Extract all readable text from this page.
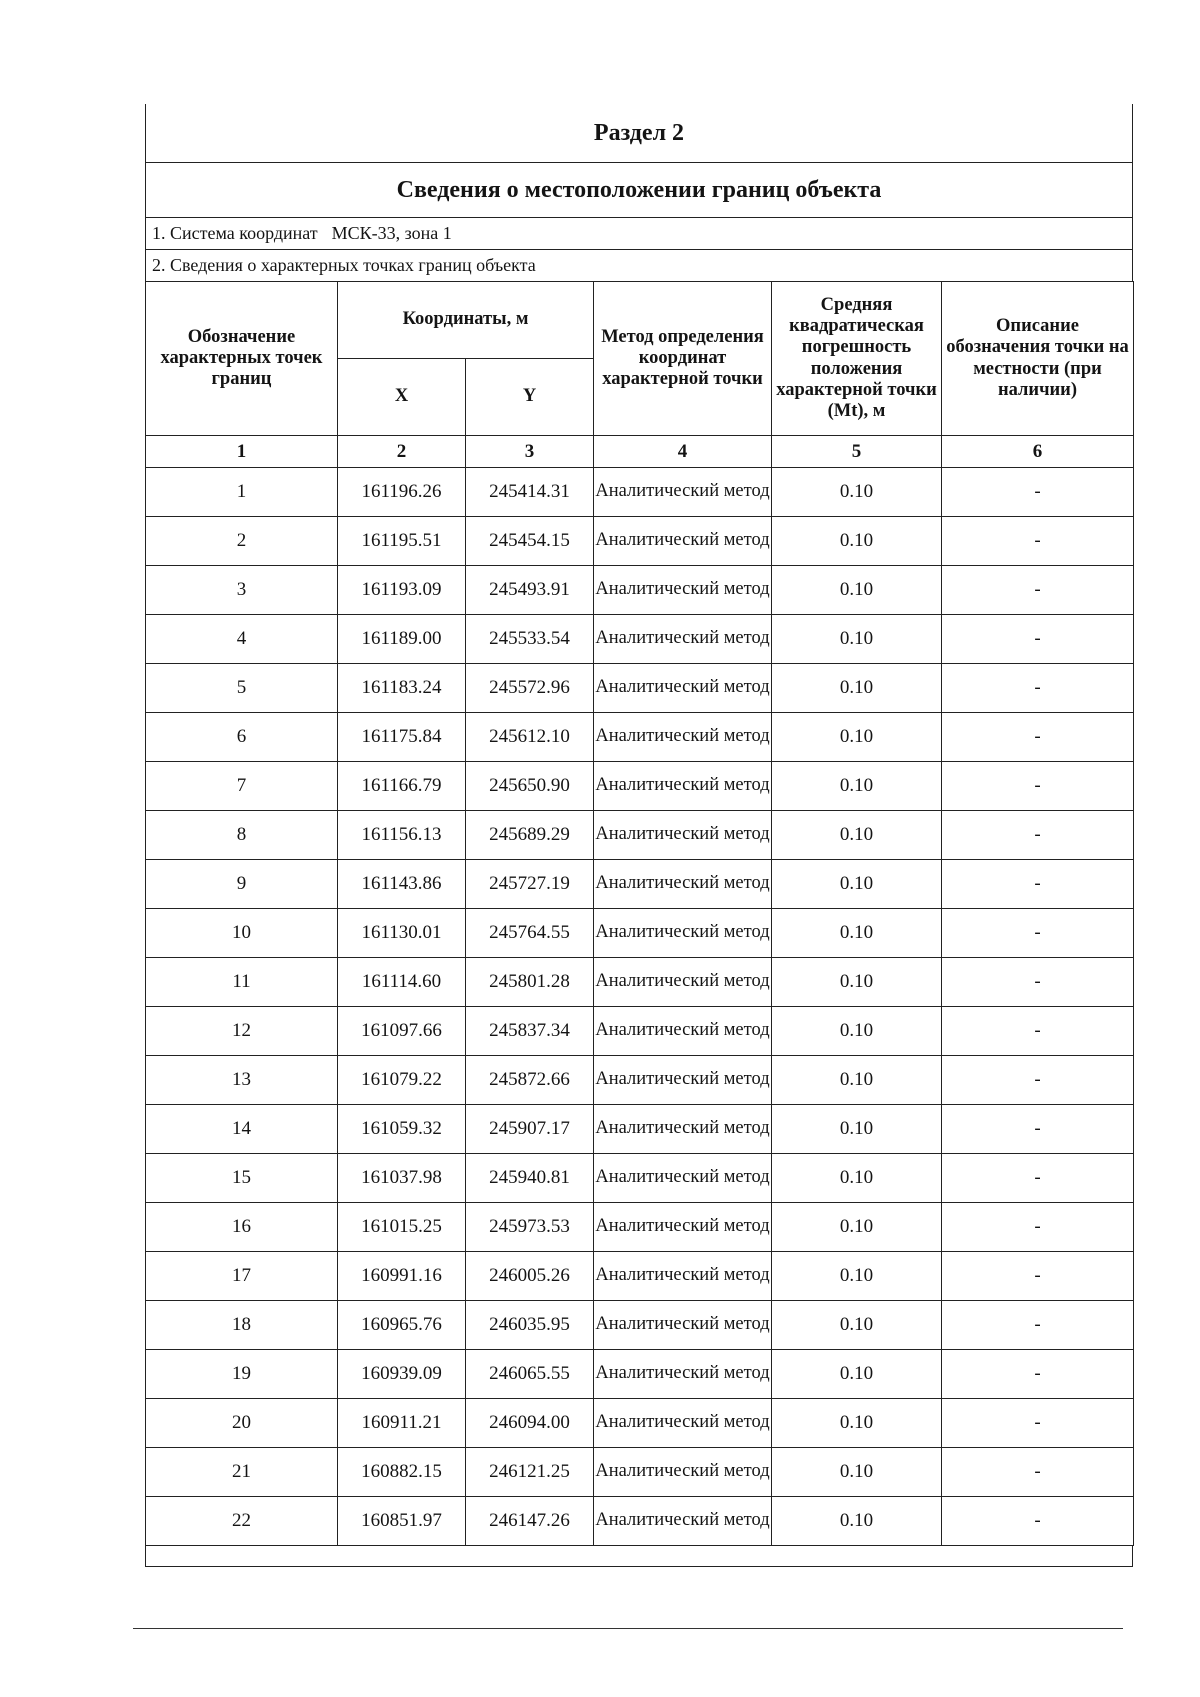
Раздел 2
Сведения о местоположении границ объекта
1. Система координат МСК-33, зона 1
2. Сведения о характерных точках границ объекта
Обозначение характерных точек границ	Координаты, м		Метод определения координат характерной точки	Средняя квадратическая погрешность положения характерной точки (Mt), м	Описание обозначения точки на местности (при наличии)
	X	Y			
1	2	3	4	5	6
1	161196.26	245414.31	Аналитический метод	0.10	-
2	161195.51	245454.15	Аналитический метод	0.10	-
3	161193.09	245493.91	Аналитический метод	0.10	-
4	161189.00	245533.54	Аналитический метод	0.10	-
5	161183.24	245572.96	Аналитический метод	0.10	-
6	161175.84	245612.10	Аналитический метод	0.10	-
7	161166.79	245650.90	Аналитический метод	0.10	-
8	161156.13	245689.29	Аналитический метод	0.10	-
9	161143.86	245727.19	Аналитический метод	0.10	-
10	161130.01	245764.55	Аналитический метод	0.10	-
11	161114.60	245801.28	Аналитический метод	0.10	-
12	161097.66	245837.34	Аналитический метод	0.10	-
13	161079.22	245872.66	Аналитический метод	0.10	-
14	161059.32	245907.17	Аналитический метод	0.10	-
15	161037.98	245940.81	Аналитический метод	0.10	-
16	161015.25	245973.53	Аналитический метод	0.10	-
17	160991.16	246005.26	Аналитический метод	0.10	-
18	160965.76	246035.95	Аналитический метод	0.10	-
19	160939.09	246065.55	Аналитический метод	0.10	-
20	160911.21	246094.00	Аналитический метод	0.10	-
21	160882.15	246121.25	Аналитический метод	0.10	-
22	160851.97	246147.26	Аналитический метод	0.10	-
